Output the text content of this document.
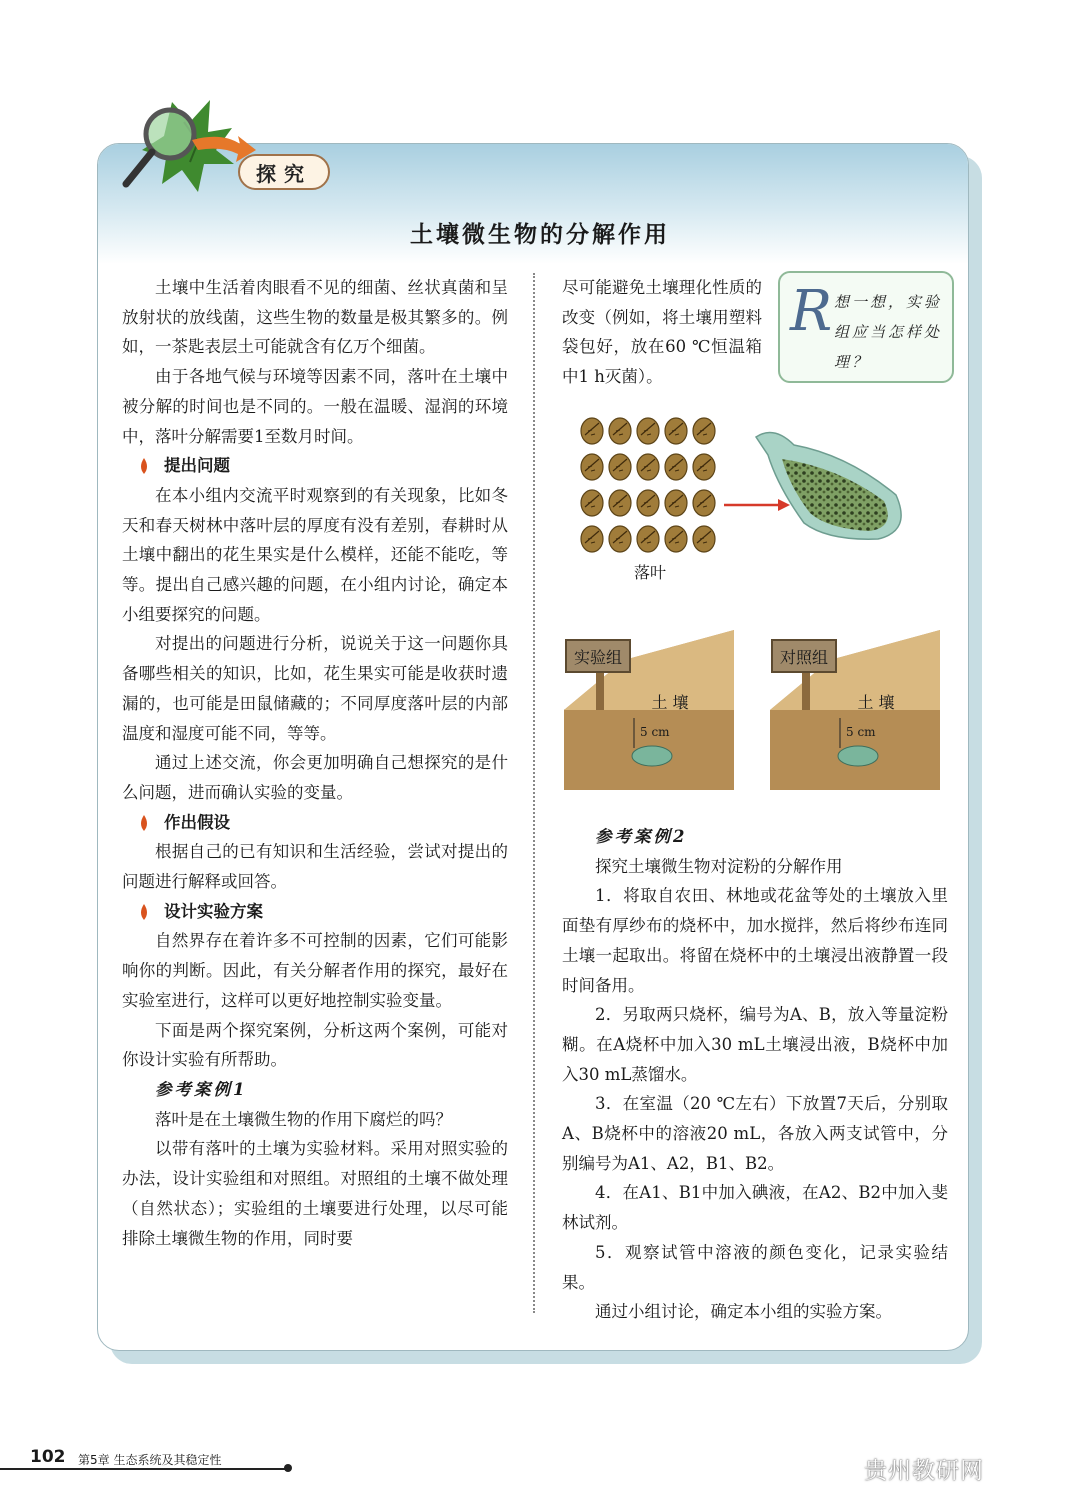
探究
土壤微生物的分解作用

土壤中生活着肉眼看不见的细菌、丝状真菌和呈放射状的放线菌，这些生物的数量是极其繁多的。例如，一茶匙表层土可能就含有亿万个细菌。

由于各地气候与环境等因素不同，落叶在土壤中被分解的时间也是不同的。一般在温暖、湿润的环境中，落叶分解需要1至数月时间。

提出问题

在本小组内交流平时观察到的有关现象，比如冬天和春天树林中落叶层的厚度有没有差别，春耕时从土壤中翻出的花生果实是什么模样，还能不能吃，等等。提出自己感兴趣的问题，在小组内讨论，确定本小组要探究的问题。

对提出的问题进行分析，说说关于这一问题你具备哪些相关的知识，比如，花生果实可能是收获时遗漏的，也可能是田鼠储藏的；不同厚度落叶层的内部温度和湿度可能不同，等等。

通过上述交流，你会更加明确自己想探究的是什么问题，进而确认实验的变量。

作出假设

根据自己的已有知识和生活经验，尝试对提出的问题进行解释或回答。

设计实验方案

自然界存在着许多不可控制的因素，它们可能影响你的判断。因此，有关分解者作用的探究，最好在实验室进行，这样可以更好地控制实验变量。

下面是两个探究案例，分析这两个案例，可能对你设计实验有所帮助。

参考案例1

落叶是在土壤微生物的作用下腐烂的吗？

以带有落叶的土壤为实验材料。采用对照实验的办法，设计实验组和对照组。对照组的土壤不做处理（自然状态）；实验组的土壤要进行处理，以尽可能排除土壤微生物的作用，同时要

尽可能避免土壤理化性质的改变（例如，将土壤用塑料袋包好，放在60 ℃恒温箱中1 h灭菌）。

R 想一想，实验组应当怎样处理？
落叶
实验组
土 壤
5 cm
对照组
土 壤
5 cm

参考案例2

探究土壤微生物对淀粉的分解作用

1．将取自农田、林地或花盆等处的土壤放入里面垫有厚纱布的烧杯中，加水搅拌，然后将纱布连同土壤一起取出。将留在烧杯中的土壤浸出液静置一段时间备用。

2．另取两只烧杯，编号为A、B，放入等量淀粉糊。在A烧杯中加入30 mL土壤浸出液，B烧杯中加入30 mL蒸馏水。

3．在室温（20 ℃左右）下放置7天后，分别取A、B烧杯中的溶液20 mL，各放入两支试管中，分别编号为A1、A2，B1、B2。

4．在A1、B1中加入碘液，在A2、B2中加入斐林试剂。

5．观察试管中溶液的颜色变化，记录实验结果。

通过小组讨论，确定本小组的实验方案。

102 第5章 生态系统及其稳定性	贵州教研网
